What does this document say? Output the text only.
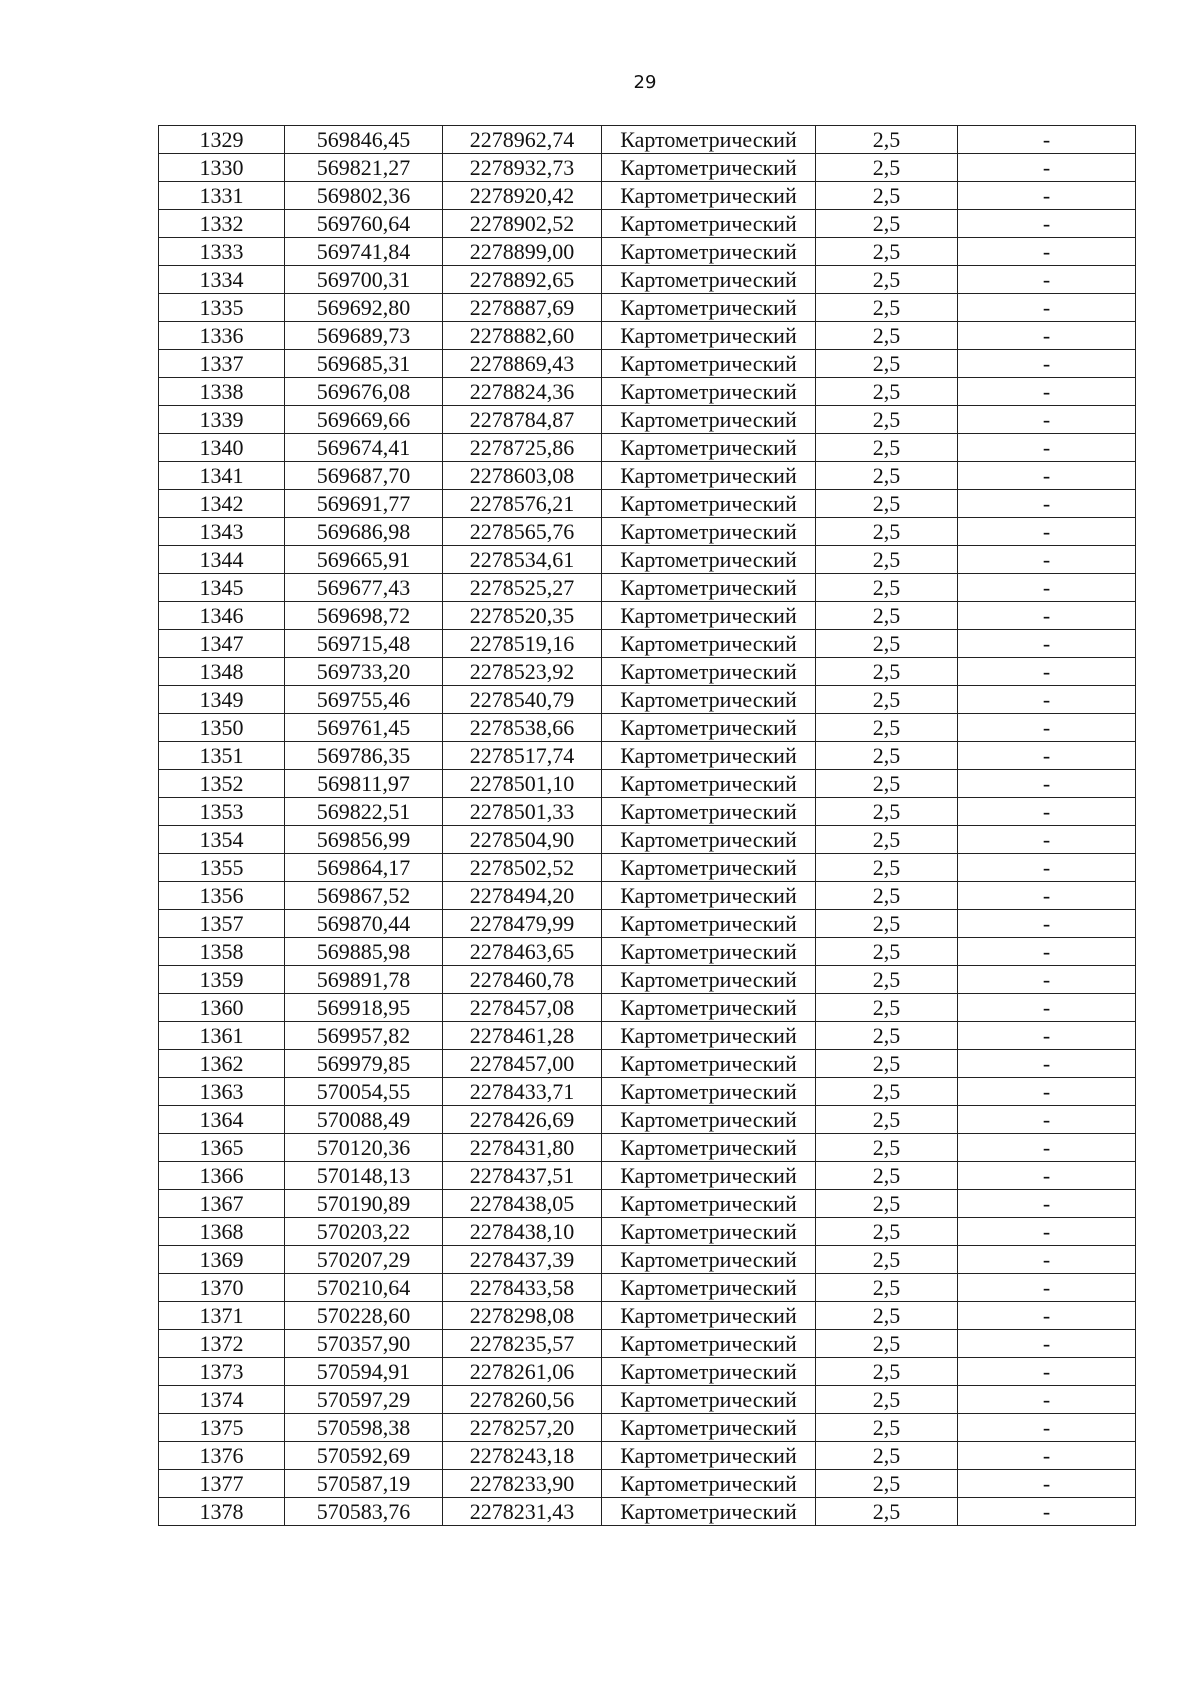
29
1329	569846,45	2278962,74	Картометрический	2,5	-
1330	569821,27	2278932,73	Картометрический	2,5	-
1331	569802,36	2278920,42	Картометрический	2,5	-
1332	569760,64	2278902,52	Картометрический	2,5	-
1333	569741,84	2278899,00	Картометрический	2,5	-
1334	569700,31	2278892,65	Картометрический	2,5	-
1335	569692,80	2278887,69	Картометрический	2,5	-
1336	569689,73	2278882,60	Картометрический	2,5	-
1337	569685,31	2278869,43	Картометрический	2,5	-
1338	569676,08	2278824,36	Картометрический	2,5	-
1339	569669,66	2278784,87	Картометрический	2,5	-
1340	569674,41	2278725,86	Картометрический	2,5	-
1341	569687,70	2278603,08	Картометрический	2,5	-
1342	569691,77	2278576,21	Картометрический	2,5	-
1343	569686,98	2278565,76	Картометрический	2,5	-
1344	569665,91	2278534,61	Картометрический	2,5	-
1345	569677,43	2278525,27	Картометрический	2,5	-
1346	569698,72	2278520,35	Картометрический	2,5	-
1347	569715,48	2278519,16	Картометрический	2,5	-
1348	569733,20	2278523,92	Картометрический	2,5	-
1349	569755,46	2278540,79	Картометрический	2,5	-
1350	569761,45	2278538,66	Картометрический	2,5	-
1351	569786,35	2278517,74	Картометрический	2,5	-
1352	569811,97	2278501,10	Картометрический	2,5	-
1353	569822,51	2278501,33	Картометрический	2,5	-
1354	569856,99	2278504,90	Картометрический	2,5	-
1355	569864,17	2278502,52	Картометрический	2,5	-
1356	569867,52	2278494,20	Картометрический	2,5	-
1357	569870,44	2278479,99	Картометрический	2,5	-
1358	569885,98	2278463,65	Картометрический	2,5	-
1359	569891,78	2278460,78	Картометрический	2,5	-
1360	569918,95	2278457,08	Картометрический	2,5	-
1361	569957,82	2278461,28	Картометрический	2,5	-
1362	569979,85	2278457,00	Картометрический	2,5	-
1363	570054,55	2278433,71	Картометрический	2,5	-
1364	570088,49	2278426,69	Картометрический	2,5	-
1365	570120,36	2278431,80	Картометрический	2,5	-
1366	570148,13	2278437,51	Картометрический	2,5	-
1367	570190,89	2278438,05	Картометрический	2,5	-
1368	570203,22	2278438,10	Картометрический	2,5	-
1369	570207,29	2278437,39	Картометрический	2,5	-
1370	570210,64	2278433,58	Картометрический	2,5	-
1371	570228,60	2278298,08	Картометрический	2,5	-
1372	570357,90	2278235,57	Картометрический	2,5	-
1373	570594,91	2278261,06	Картометрический	2,5	-
1374	570597,29	2278260,56	Картометрический	2,5	-
1375	570598,38	2278257,20	Картометрический	2,5	-
1376	570592,69	2278243,18	Картометрический	2,5	-
1377	570587,19	2278233,90	Картометрический	2,5	-
1378	570583,76	2278231,43	Картометрический	2,5	-
